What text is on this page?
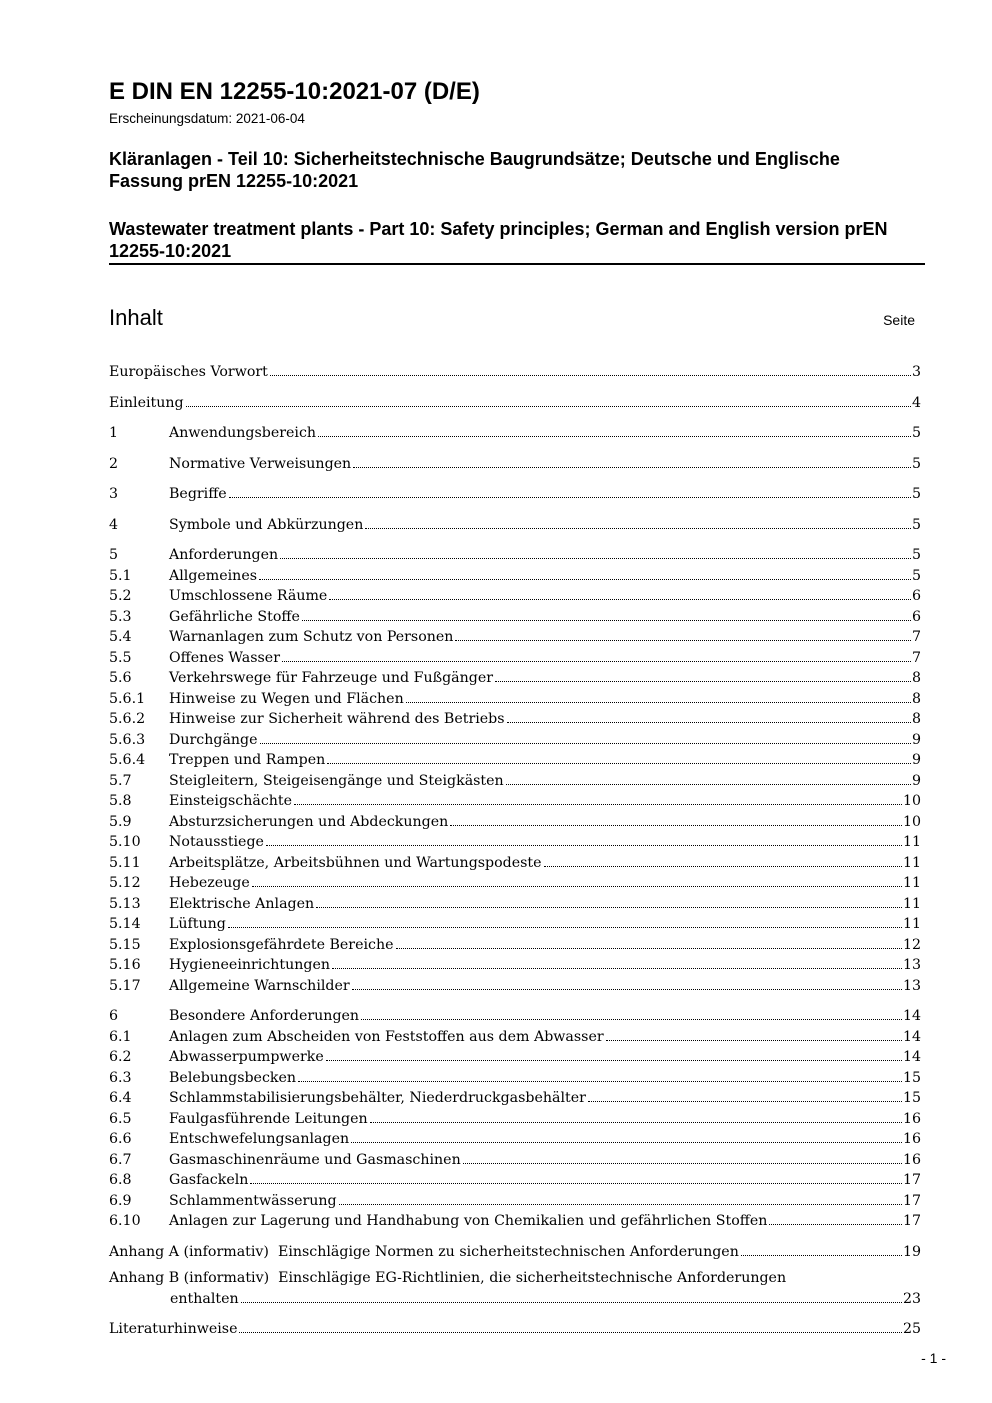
E DIN EN 12255-10:2021-07 (D/E)
Erscheinungsdatum: 2021-06-04
Kläranlagen - Teil 10: Sicherheitstechnische Baugrundsätze; Deutsche und Englische Fassung prEN 12255-10:2021
Wastewater treatment plants - Part 10: Safety principles; German and English version prEN 12255-10:2021
Inhalt	Seite
Europäisches Vorwort	3
Einleitung	4
1	Anwendungsbereich	5
2	Normative Verweisungen	5
3	Begriffe	5
4	Symbole und Abkürzungen	5
5	Anforderungen	5
5.1	Allgemeines	5
5.2	Umschlossene Räume	6
5.3	Gefährliche Stoffe	6
5.4	Warnanlagen zum Schutz von Personen	7
5.5	Offenes Wasser	7
5.6	Verkehrswege für Fahrzeuge und Fußgänger	8
5.6.1	Hinweise zu Wegen und Flächen	8
5.6.2	Hinweise zur Sicherheit während des Betriebs	8
5.6.3	Durchgänge	9
5.6.4	Treppen und Rampen	9
5.7	Steigleitern, Steigeisengänge und Steigkästen	9
5.8	Einsteigschächte	10
5.9	Absturzsicherungen und Abdeckungen	10
5.10	Notausstiege	11
5.11	Arbeitsplätze, Arbeitsbühnen und Wartungspodeste	11
5.12	Hebezeuge	11
5.13	Elektrische Anlagen	11
5.14	Lüftung	11
5.15	Explosionsgefährdete Bereiche	12
5.16	Hygieneeinrichtungen	13
5.17	Allgemeine Warnschilder	13
6	Besondere Anforderungen	14
6.1	Anlagen zum Abscheiden von Feststoffen aus dem Abwasser	14
6.2	Abwasserpumpwerke	14
6.3	Belebungsbecken	15
6.4	Schlammstabilisierungsbehälter, Niederdruckgasbehälter	15
6.5	Faulgasführende Leitungen	16
6.6	Entschwefelungsanlagen	16
6.7	Gasmaschinenräume und Gasmaschinen	16
6.8	Gasfackeln	17
6.9	Schlammentwässerung	17
6.10	Anlagen zur Lagerung und Handhabung von Chemikalien und gefährlichen Stoffen	17
Anhang A (informativ)  Einschlägige Normen zu sicherheitstechnischen Anforderungen	19
Anhang B (informativ)  Einschlägige EG-Richtlinien, die sicherheitstechnische Anforderungen
enthalten	23
Literaturhinweise	25
- 1 -
